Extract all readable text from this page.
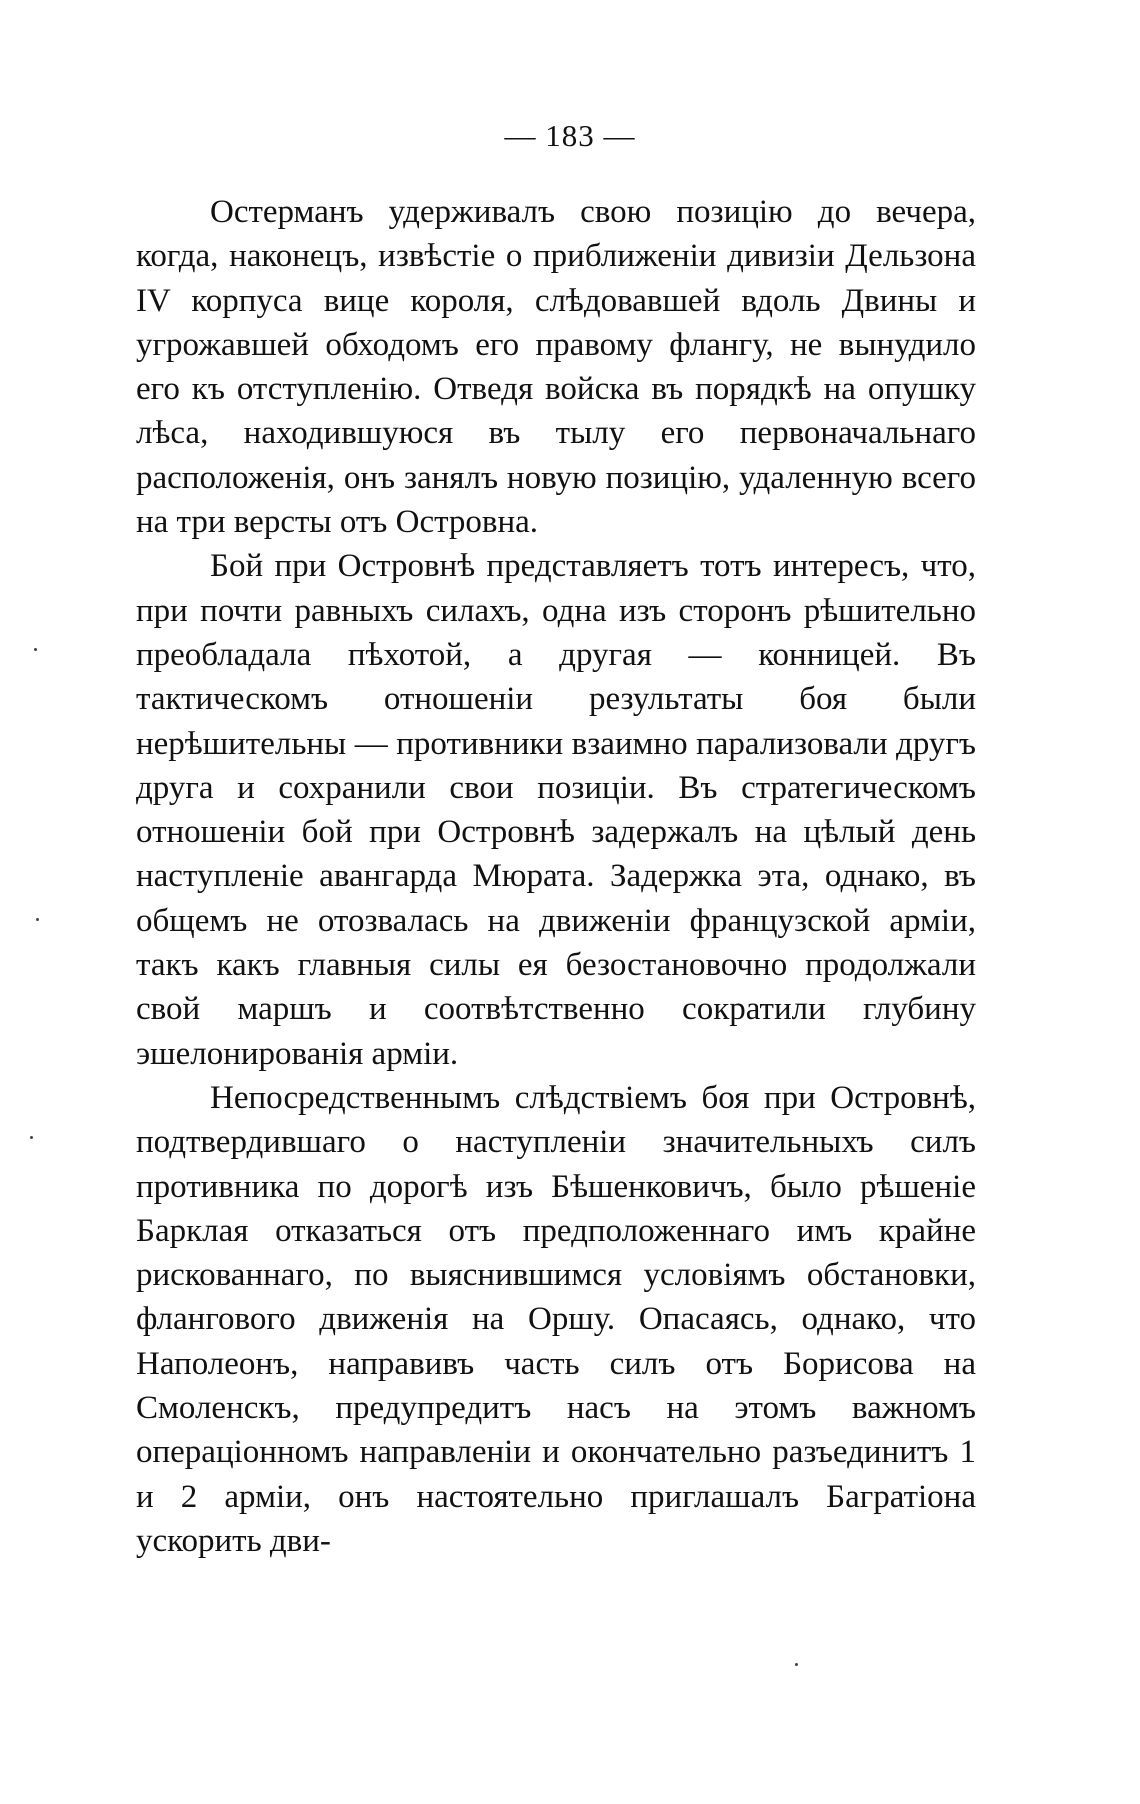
— 183 —

Остерманъ удерживалъ свою позицію до вечера, когда, наконецъ, извѣстіе о приближеніи дивизіи Дельзона IV корпуса вице короля, слѣдовавшей вдоль Двины и угрожавшей обходомъ его правому флангу, не вынудило его къ отступленію. Отведя войска въ порядкѣ на опушку лѣса, находившуюся въ тылу его первоначальнаго расположенія, онъ занялъ новую позицію, удаленную всего на три версты отъ Островна.

Бой при Островнѣ представляетъ тотъ интересъ, что, при почти равныхъ силахъ, одна изъ сторонъ рѣшительно преобладала пѣхотой, а другая — конницей. Въ тактическомъ отношеніи результаты боя были нерѣшительны — противники взаимно парализовали другъ друга и сохранили свои позиціи. Въ стратегическомъ отношеніи бой при Островнѣ задержалъ на цѣлый день наступленіе авангарда Мюрата. Задержка эта, однако, въ общемъ не отозвалась на движеніи французской арміи, такъ какъ главныя силы ея безостановочно продолжали свой маршъ и соотвѣтственно сократили глубину эшелонированія арміи.

Непосредственнымъ слѣдствіемъ боя при Островнѣ, подтвердившаго о наступленіи значительныхъ силъ противника по дорогѣ изъ Бѣшенковичъ, было рѣшеніе Барклая отказаться отъ предположеннаго имъ крайне рискованнаго, по выяснившимся условіямъ обстановки, флангового движенія на Оршу. Опасаясь, однако, что Наполеонъ, направивъ часть силъ отъ Борисова на Смоленскъ, предупредитъ насъ на этомъ важномъ операціонномъ направленіи и окончательно разъединитъ 1 и 2 арміи, онъ настоятельно приглашалъ Багратіона ускорить дви-
